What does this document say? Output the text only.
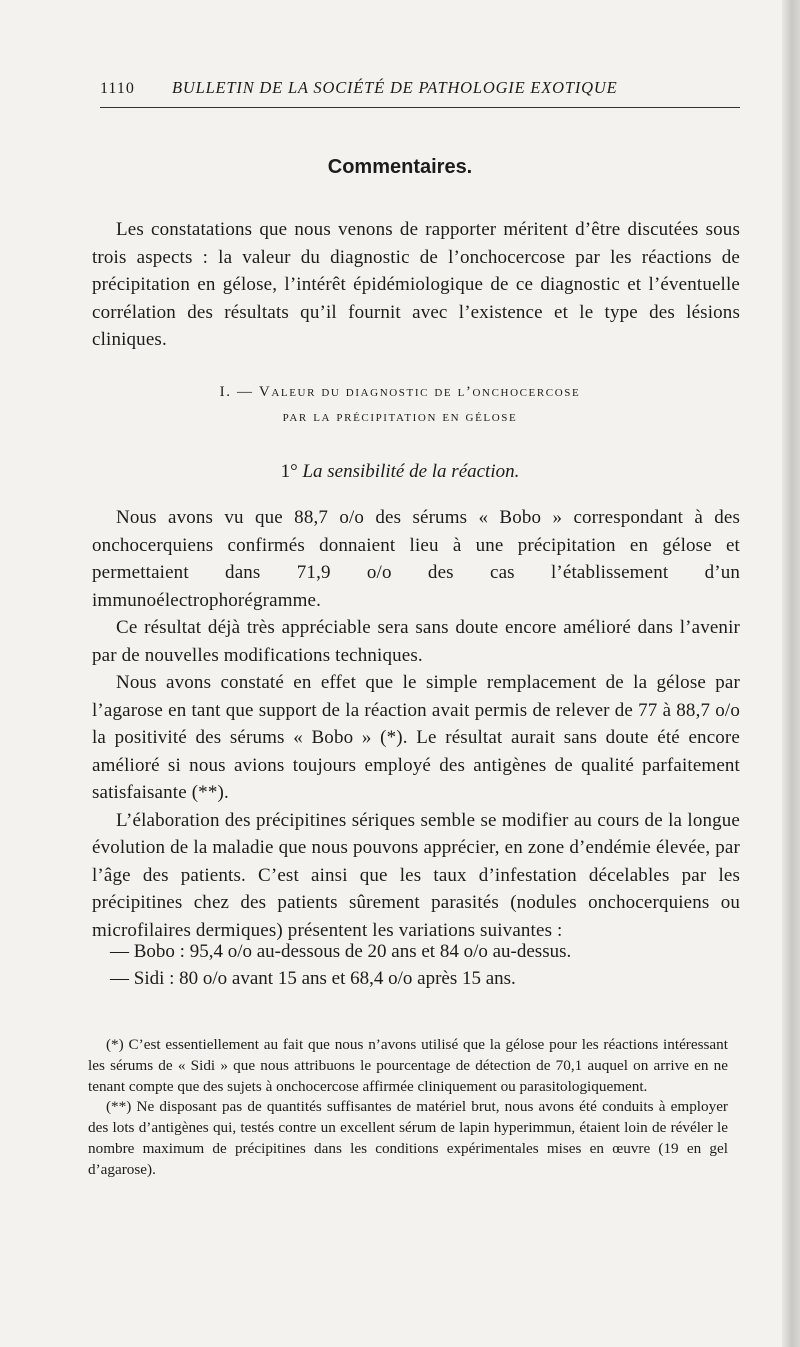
1110 BULLETIN DE LA SOCIÉTÉ DE PATHOLOGIE EXOTIQUE
Commentaires.

Les constatations que nous venons de rapporter méritent d’être discutées sous trois aspects : la valeur du diagnostic de l’onchocercose par les réactions de précipitation en gélose, l’intérêt épidémiologique de ce diagnostic et l’éventuelle corrélation des résultats qu’il fournit avec l’existence et le type des lésions cliniques.

I. — Valeur du diagnostic de l’onchocercose
par la précipitation en gélose
1° La sensibilité de la réaction.

Nous avons vu que 88,7 o/o des sérums « Bobo » correspondant à des onchocerquiens confirmés donnaient lieu à une précipitation en gélose et permettaient dans 71,9 o/o des cas l’établissement d’un immunoélectrophorégramme.

Ce résultat déjà très appréciable sera sans doute encore amélioré dans l’avenir par de nouvelles modifications techniques.

Nous avons constaté en effet que le simple remplacement de la gélose par l’agarose en tant que support de la réaction avait permis de relever de 77 à 88,7 o/o la positivité des sérums « Bobo » (*). Le résultat aurait sans doute été encore amélioré si nous avions toujours employé des antigènes de qualité parfaitement satisfaisante (**).

L’élaboration des précipitines sériques semble se modifier au cours de la longue évolution de la maladie que nous pouvons apprécier, en zone d’endémie élevée, par l’âge des patients. C’est ainsi que les taux d’infestation décelables par les précipitines chez des patients sûrement parasités (nodules onchocerquiens ou microfilaires dermiques) présentent les variations suivantes :

— Bobo : 95,4 o/o au-dessous de 20 ans et 84 o/o au-dessus.
— Sidi : 80 o/o avant 15 ans et 68,4 o/o après 15 ans.

(*) C’est essentiellement au fait que nous n’avons utilisé que la gélose pour les réactions intéressant les sérums de « Sidi » que nous attribuons le pourcentage de détection de 70,1 auquel on arrive en ne tenant compte que des sujets à onchocercose affirmée cliniquement ou parasitologiquement.

(**) Ne disposant pas de quantités suffisantes de matériel brut, nous avons été conduits à employer des lots d’antigènes qui, testés contre un excellent sérum de lapin hyperimmun, étaient loin de révéler le nombre maximum de précipitines dans les conditions expérimentales mises en œuvre (19 en gel d’agarose).
